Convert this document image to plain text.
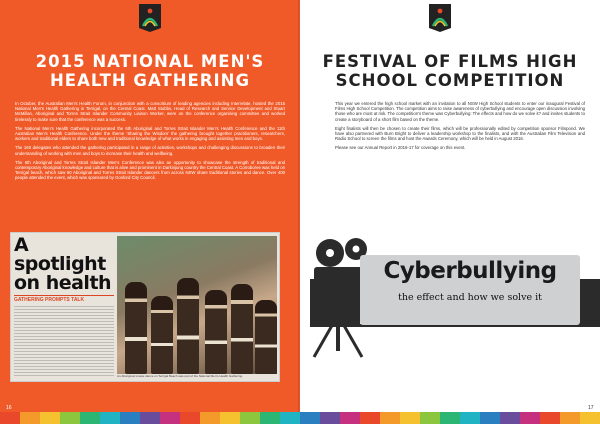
2015 NATIONAL MEN'S HEALTH GATHERING

In October, the Australian Men's Health Forum, in conjunction with a consortium of leading agencies including Interrelate, hosted the 2015 National Men's Health Gathering in Terrigal, on the Central Coast. Matt Stubbs, Head of Research and Service Development and Stuart McMillan, Aboriginal and Torres Strait Islander Community Liaison Worker, were on the conference organising committee and worked tirelessly to make sure that the conference was a success.

The National Men's Health Gathering incorporated the 6th Aboriginal and Torres Strait Islander Men's Health Conference and the 11th Australian Men's Health Conference. Under the theme 'Sharing the Wisdom' the gathering brought together practitioners, researchers, workers and traditional elders to share both new and traditional knowledge of what works in engaging and assisting men and boys.

The 160 delegates who attended the gathering participated in a range of activities, workshops and challenging discussions to broaden their understanding of working with men and boys to increase their health and wellbeing.

The 6th Aboriginal and Torres Strait Islander Men's Conference was also an opportunity to showcase the strength of traditional and contemporary Aboriginal knowledge and culture that is alive and prominent in Darkinjung country the Central Coast. A Corroboree was held on Terrigal beach, which saw 60 Aboriginal and Torres Strait Islander dancers from across NSW share traditional stories and dance. Over 400 people attended the event, which was sponsored by Gosford City Council.

A spotlight on health
GATHERING PROMPTS TALK
An Aboriginal smoke dance on Terrigal Beach was part of the National Men's Health Gathering.
16
FESTIVAL OF FILMS HIGH SCHOOL COMPETITION

This year we entered the high school market with an invitation to all NSW High School students to enter our inaugural Festival of Films High School Competition. The competition aims to raise awareness of cyberbullying and encourage open discussion involving those who are most at risk. The competition's theme was Cyberbullying: The effects and how do we solve it? and invites students to create a storyboard of a short film based on the theme.

Eight finalists will then be chosen to create their films, which will be professionally edited by competition sponsor Filmpond. We have also partnered with Burn Bright to deliver a leadership workshop to the finalists, and with the Australian Film Television and Radio School to screen the films and host the Awards Ceremony, which will be held in August 2016.

Please see our Annual Report in 2016-17 for coverage on this event.

17
Cyberbullying
the effect and how we solve it
